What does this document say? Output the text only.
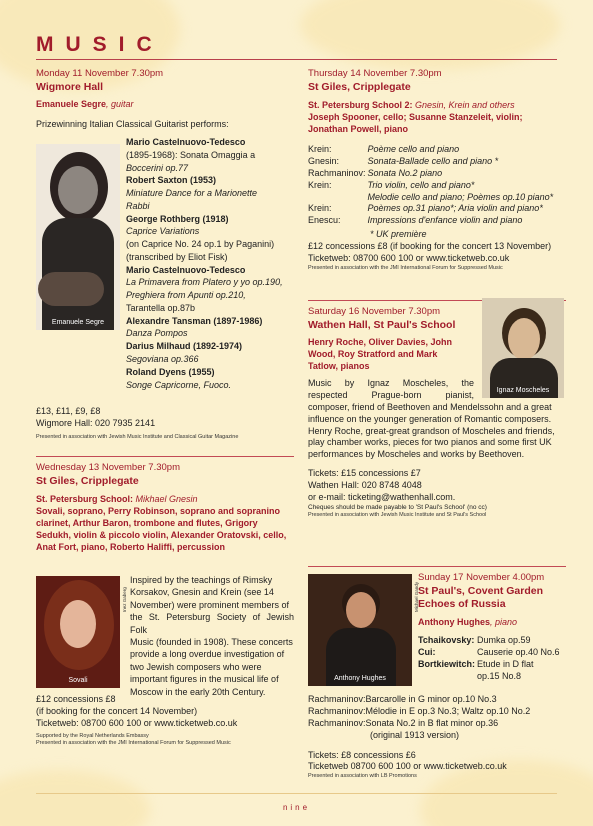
MUSIC
Monday 11 November 7.30pm
Wigmore Hall
Emanuele Segre, guitar
Prizewinning Italian Classical Guitarist performs:
Emanuele Segre
Mario Castelnuovo-Tedesco
(1895-1968): Sonata Omaggia a
Boccerini op.77
Robert Saxton (1953)
Miniature Dance for a Marionette
Rabbi
George Rothberg (1918)
Caprice Variations
(on Caprice No. 24 op.1 by Paganini)
(transcribed by Eliot Fisk)
Mario Castelnuovo-Tedesco
La Primavera from Platero y yo op.190,
Preghiera from Apunti op.210,
Tarantella op.87b
Alexandre Tansman (1897-1986)
Danza Pompos
Darius Milhaud (1892-1974)
Segoviana op.366
Roland Dyens (1955)
Songe Capricorne, Fuoco.
£13, £11, £9, £8
Wigmore Hall: 020 7935 2141
Presented in association with Jewish Music Institute and Classical Guitar Magazine
Wednesday 13 November 7.30pm
St Giles, Cripplegate
St. Petersburg School: Mikhael Gnesin
Sovali, soprano, Perry Robinson, soprano and sopranino
clarinet, Arthur Baron, trombone and flutes, Grigory
Sedukh, violin & piccolo violin, Alexander Oratovski, cello,
Anat Fort, piano, Roberto Haliffi, percussion
Sovali
Inez Gaberg
Inspired by the teachings of Rimsky
Korsakov, Gnesin and Krein (see 14
November) were prominent members of
the St. Petersburg Society of Jewish Folk
Music (founded in 1908). These concerts
provide a long overdue investigation of
two Jewish composers who were
important figures in the musical life of
Moscow in the early 20th Century.
£12 concessions £8
(if booking for the concert 14 November)
Ticketweb: 08700 600 100 or www.ticketweb.co.uk
Supported by the Royal Netherlands Embassy
Presented in association with the JMI International Forum for Suppressed Music
Thursday 14 November 7.30pm
St Giles, Cripplegate
St. Petersburg School 2: Gnesin, Krein and others
Joseph Spooner, cello; Susanne Stanzeleit, violin;
Jonathan Powell, piano
Krein:	Poème cello and piano
Gnesin:	Sonata-Ballade cello and piano *
Rachmaninov:	Sonata No.2 piano
Krein:	Trio violin, cello and piano*
	Melodie cello and piano; Poèmes op.10 piano*
Krein:	Poèmes op.31 piano*; Aria violin and piano*
Enescu:	Impressions d'enfance violin and piano
* UK première
£12 concessions £8 (if booking for the concert 13 November)
Ticketweb: 08700 600 100 or www.ticketweb.co.uk
Presented in association with the JMI International Forum for Suppressed Music
Saturday 16 November 7.30pm
Wathen Hall, St Paul's School
Henry Roche, Oliver Davies, John
Wood, Roy Stratford and Mark
Tatlow, pianos
Music by Ignaz Moscheles, the
respected Prague-born pianist,	Ignaz Moscheles
composer, friend of Beethoven and Mendelssohn and a great
influence on the younger generation of Romantic composers.
Henry Roche, great-great grandson of Moscheles and friends,
play chamber works, pieces for two pianos and some first UK
performances by Moscheles and works by Beethoven.
Tickets: £15 concessions £7
Wathen Hall: 020 8748 4048
or e-mail: ticketing@wathenhall.com.
Cheques should be made payable to 'St Paul's School' (no cc)
Presented in association with Jewish Music Institute and St Paul's School
Anthony Hughes
Michael Gandy
Sunday 17 November 4.00pm
St Paul's, Covent Garden
Echoes of Russia
Anthony Hughes, piano
Tchaikovsky:	Dumka op.59
Cui:	Causerie op.40 No.6
Bortkiewitch:	Etude in D flat
	op.15 No.8
Rachmaninov:Barcarolle in G minor op.10 No.3
Rachmaninov:Mélodie in E op.3 No.3; Waltz op.10 No.2
Rachmaninov:Sonata No.2 in B flat minor op.36
(original 1913 version)
Tickets: £8 concessions £6
Ticketweb 08700 600 100 or www.ticketweb.co.uk
Presented in association with LB Promotions
nine
